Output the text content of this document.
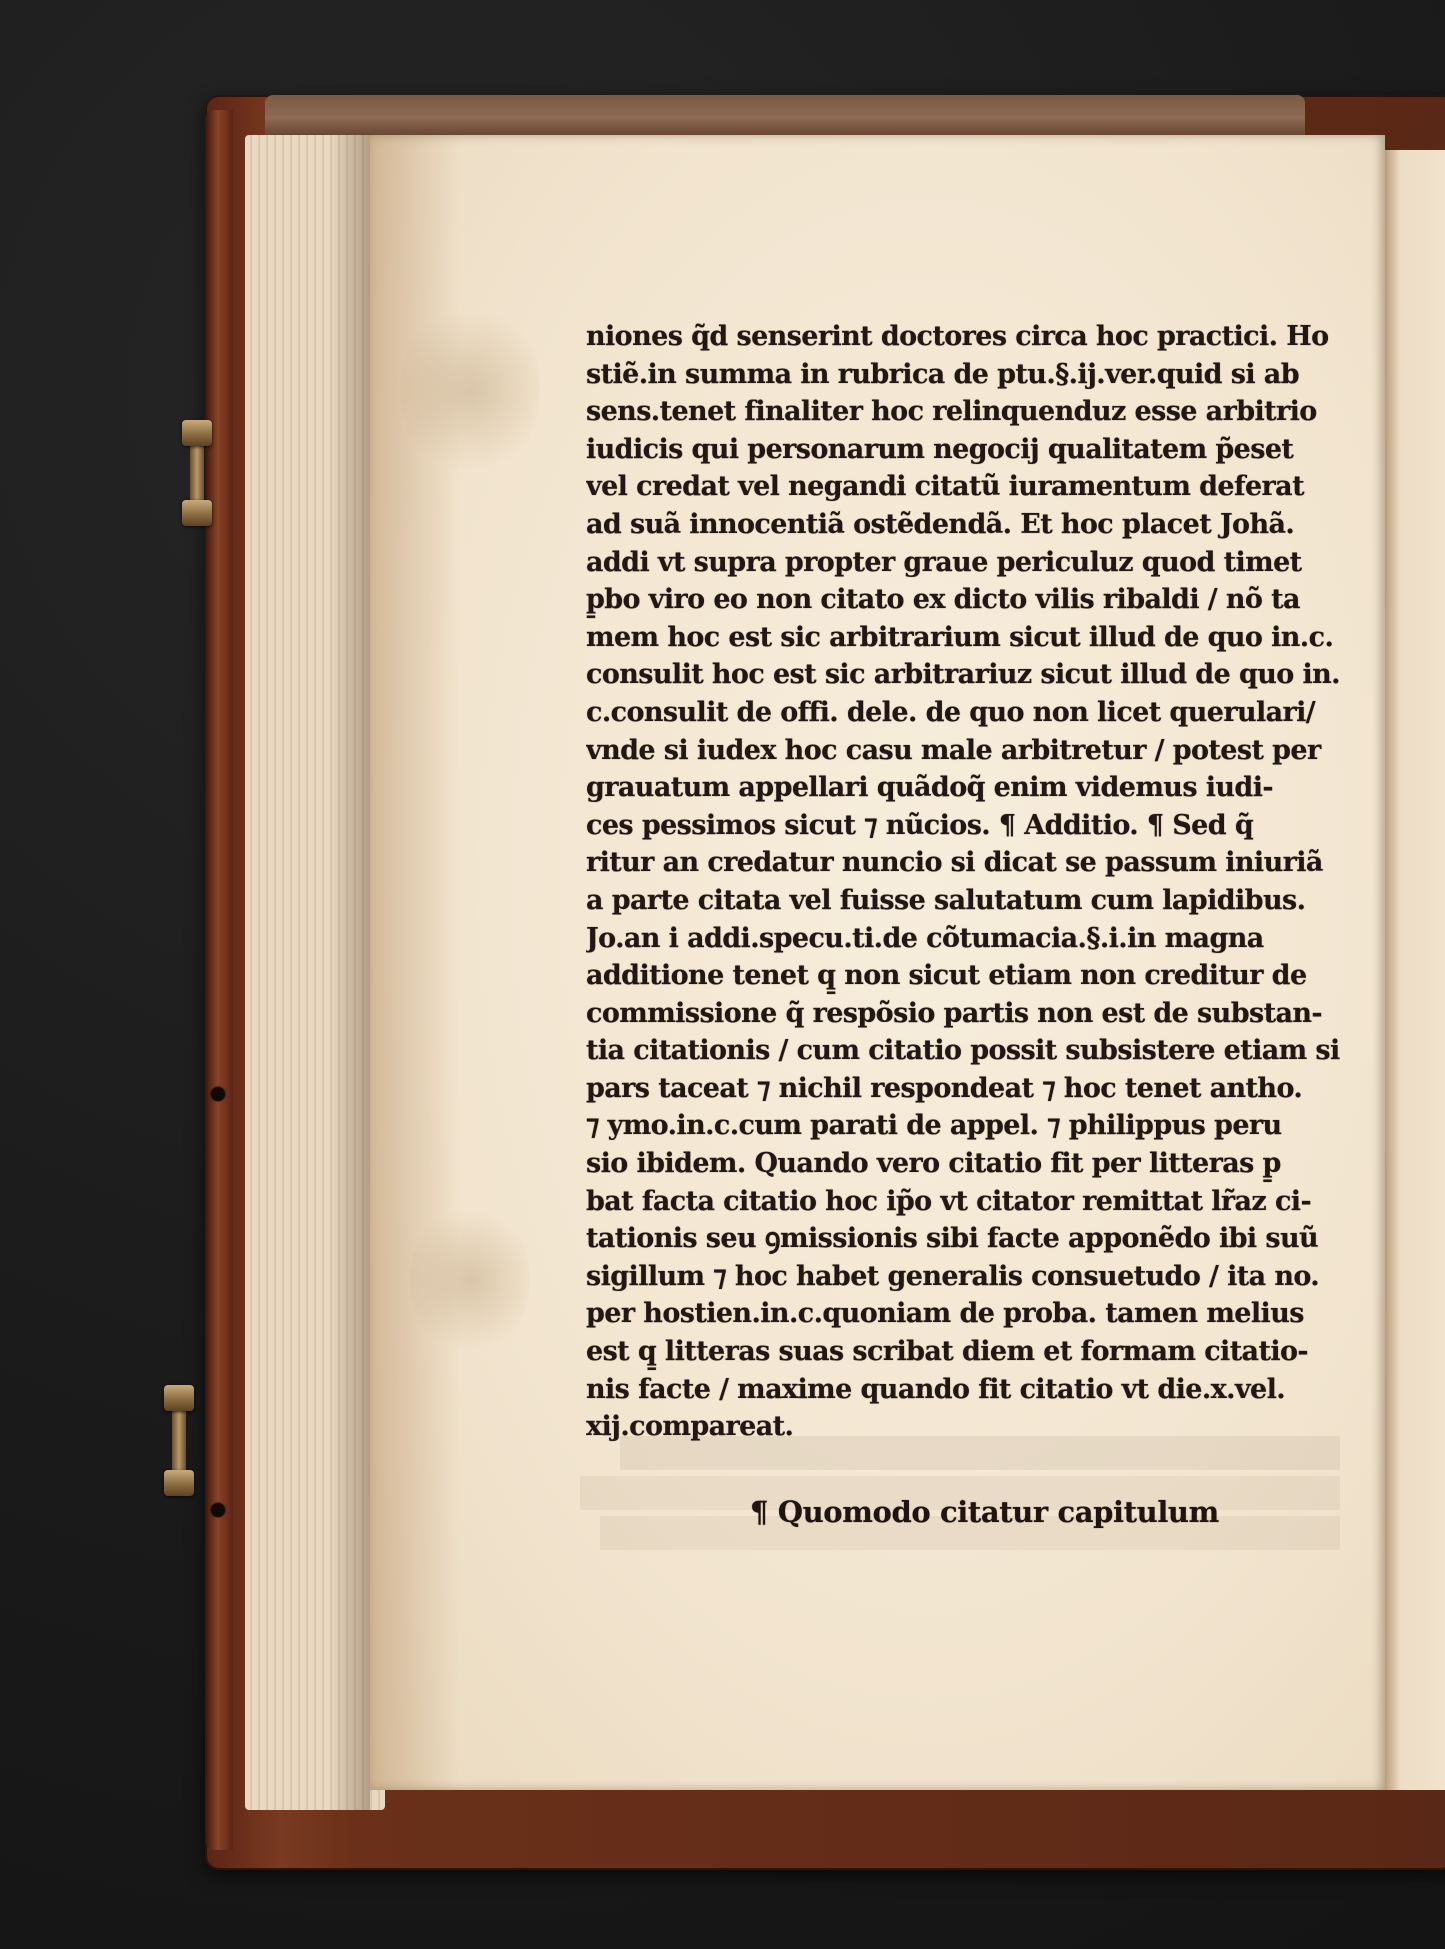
niones q̃d senserint doctores circa hoc practici. Ho
stiẽ.in summa in rubrica de ptu.§.ij.ver.quid si ab
sens.tenet finaliter hoc relinquenduz esse arbitrio
iudicis qui personarum negocij qualitatem p̃eset
vel credat vel negandi citatũ iuramentum deferat
ad suã innocentiã ostẽdendã. Et hoc placet Johã.
addi vt supra propter graue periculuz quod timet
p̱bo viro eo non citato ex dicto vilis ribaldi / nõ ta
mem hoc est sic arbitrarium sicut illud de quo in.c.
consulit hoc est sic arbitrariuz sicut illud de quo in.
c.consulit de offi. dele. de quo non licet querulari/
vnde si iudex hoc casu male arbitretur / potest per
grauatum appellari quãdoq̃ enim videmus iudi-
ces pessimos sicut ⁊ nũcios. ¶ Additio. ¶ Sed q̃
ritur an credatur nuncio si dicat se passum iniuriã
a parte citata vel fuisse salutatum cum lapidibus.
Jo.an i addi.specu.ti.de cõtumacia.§.i.in magna
additione tenet q̱ non sicut etiam non creditur de
commissione q̃ respõsio partis non est de substan-
tia citationis / cum citatio possit subsistere etiam si
pars taceat ⁊ nichil respondeat ⁊ hoc tenet antho.
⁊ ymo.in.c.cum parati de appel. ⁊ philippus peru
sio ibidem. Quando vero citatio fit per litteras p̱
bat facta citatio hoc ip̃o vt citator remittat lr̃az ci-
tationis seu ꝯmissionis sibi facte apponẽdo ibi suũ
sigillum ⁊ hoc habet generalis consuetudo / ita no.
per hostien.in.c.quoniam de proba. tamen melius
est q̱ litteras suas scribat diem et formam citatio-
nis facte / maxime quando fit citatio vt die.x.vel.
xij.compareat.
¶ Quomodo citatur capitulum
